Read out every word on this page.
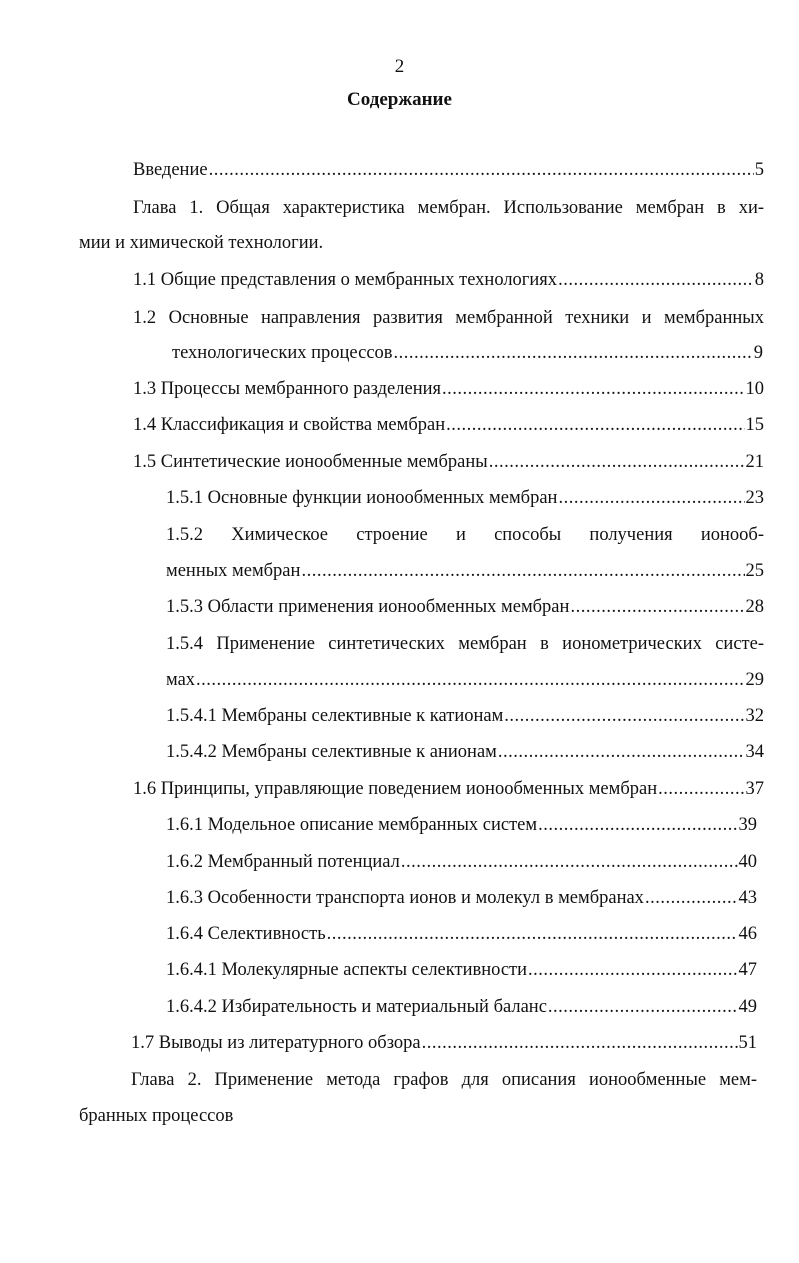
2
Содержание
Введение .....	5
Глава 1. Общая характеристика мембран. Использование мембран в хи-
мии и химической технологии.
1.1 Общие представления о мембранных технологиях .....	8
1.2 Основные направления развития мембранной техники и мембранных
технологических процессов .....	9
1.3 Процессы мембранного разделения .....	10
1.4 Классификация и свойства мембран .....	15
1.5 Синтетические ионообменные мембраны .....	21
1.5.1 Основные функции ионообменных мембран .....	23
1.5.2 Химическое строение и способы получения ионооб-
менных мембран .....	25
1.5.3 Области применения ионообменных мембран .....	28
1.5.4 Применение синтетических мембран в ионометрических систе-
мах .....	29
1.5.4.1 Мембраны селективные к катионам .....	32
1.5.4.2 Мембраны селективные к анионам .....	34
1.6 Принципы, управляющие поведением ионообменных мембран .....	37
1.6.1 Модельное описание мембранных систем .....	39
1.6.2 Мембранный потенциал .....	40
1.6.3 Особенности транспорта ионов и молекул в мембранах .....	43
1.6.4 Селективность .....	46
1.6.4.1 Молекулярные аспекты селективности .....	47
1.6.4.2 Избирательность и материальный баланс .....	49
1.7 Выводы из литературного обзора .....	51
Глава 2. Применение метода графов для описания ионообменные мем-
бранных процессов
